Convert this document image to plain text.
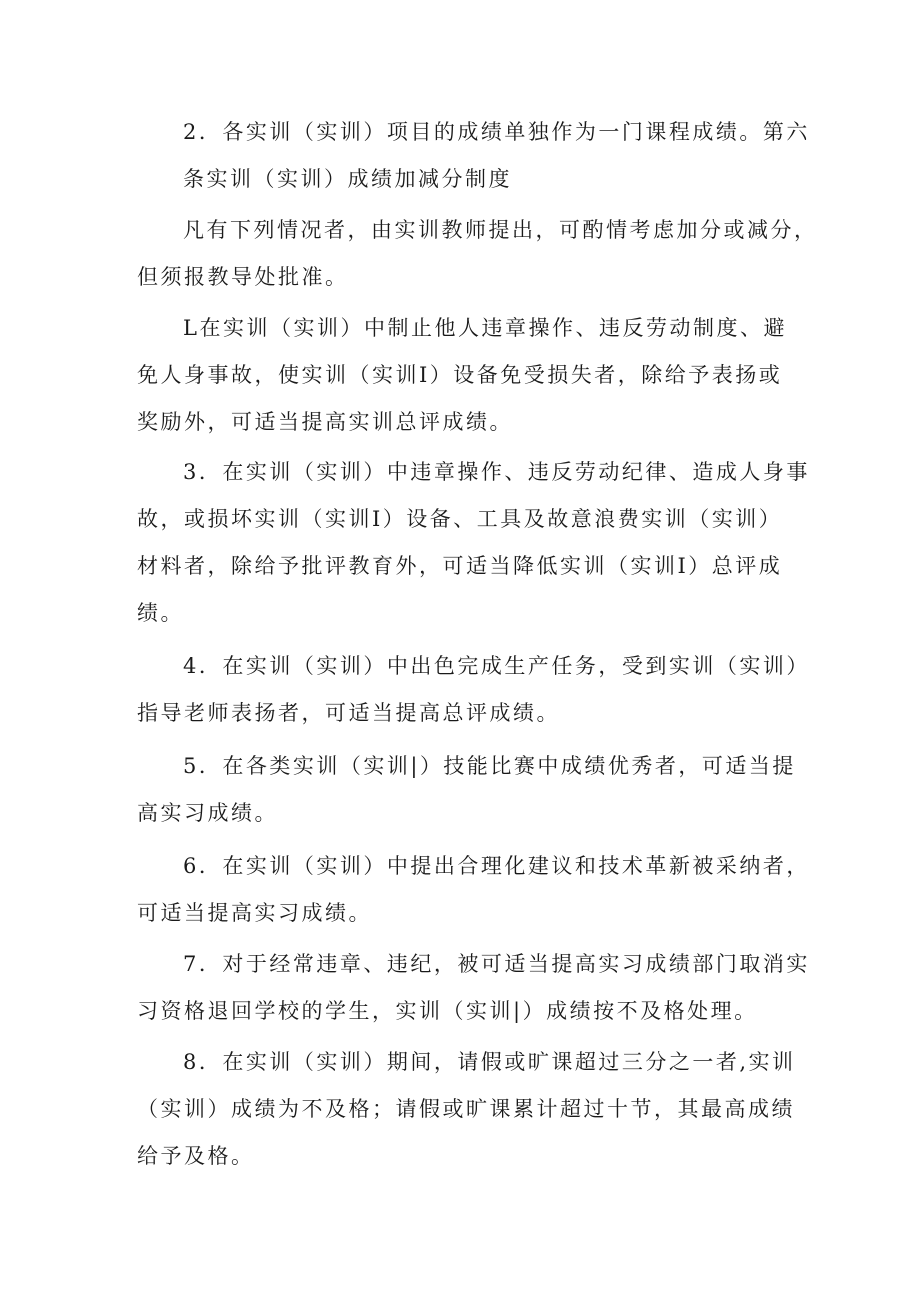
2．各实训（实训）项目的成绩单独作为一门课程成绩。第六
条实训（实训）成绩加减分制度
凡有下列情况者，由实训教师提出，可酌情考虑加分或减分，
但须报教导处批准。
L在实训（实训）中制止他人违章操作、违反劳动制度、避
免人身事故，使实训（实训I）设备免受损失者，除给予表扬或
奖励外，可适当提高实训总评成绩。
3．在实训（实训）中违章操作、违反劳动纪律、造成人身事
故，或损坏实训（实训I）设备、工具及故意浪费实训（实训）
材料者，除给予批评教育外，可适当降低实训（实训I）总评成
绩。
4．在实训（实训）中出色完成生产任务，受到实训（实训）
指导老师表扬者，可适当提高总评成绩。
5．在各类实训（实训|）技能比赛中成绩优秀者，可适当提
高实习成绩。
6．在实训（实训）中提出合理化建议和技术革新被采纳者，
可适当提高实习成绩。
7．对于经常违章、违纪，被可适当提高实习成绩部门取消实
习资格退回学校的学生，实训（实训|）成绩按不及格处理。
8．在实训（实训）期间，请假或旷课超过三分之一者,实训
（实训）成绩为不及格；请假或旷课累计超过十节，其最高成绩
给予及格。
